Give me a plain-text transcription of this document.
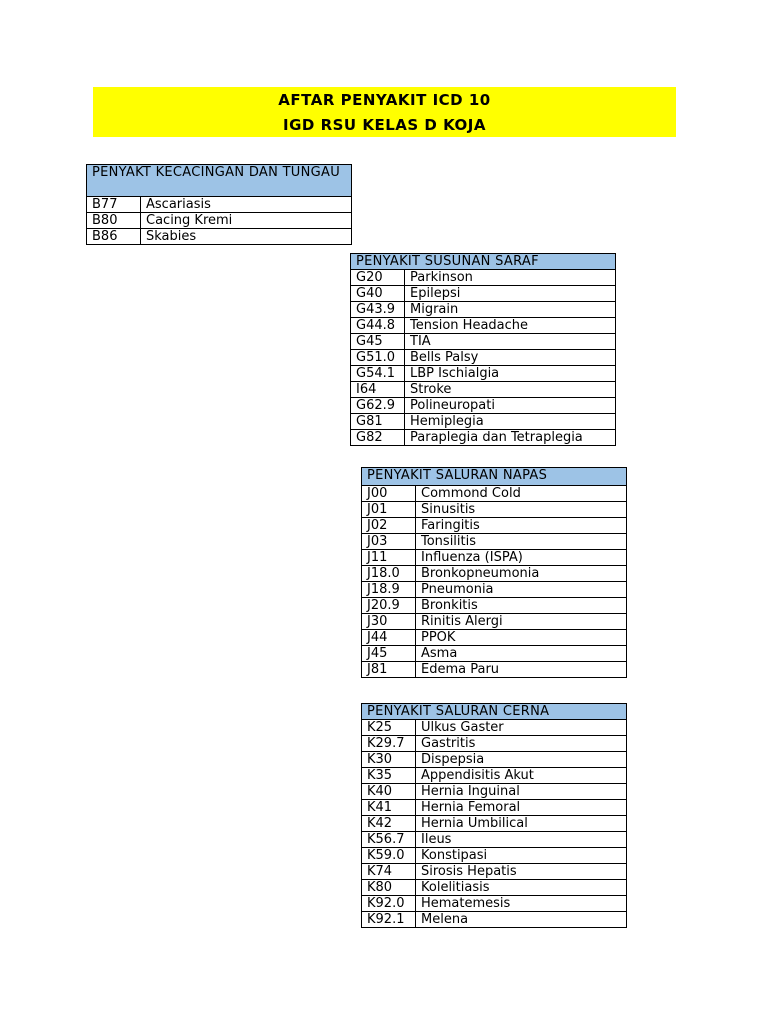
AFTAR PENYAKIT ICD 10
IGD RSU KELAS D KOJA
PENYAKT KECACINGAN DAN TUNGAU	
B77	Ascariasis
B80	Cacing Kremi
B86	Skabies
PENYAKIT SUSUNAN SARAF	
G20	Parkinson
G40	Epilepsi
G43.9	Migrain
G44.8	Tension Headache
G45	TIA
G51.0	Bells Palsy
G54.1	LBP Ischialgia
I64	Stroke
G62.9	Polineuropati
G81	Hemiplegia
G82	Paraplegia dan Tetraplegia
PENYAKIT SALURAN NAPAS	
J00	Commond Cold
J01	Sinusitis
J02	Faringitis
J03	Tonsilitis
J11	Influenza (ISPA)
J18.0	Bronkopneumonia
J18.9	Pneumonia
J20.9	Bronkitis
J30	Rinitis Alergi
J44	PPOK
J45	Asma
J81	Edema Paru
PENYAKIT SALURAN CERNA	
K25	Ulkus Gaster
K29.7	Gastritis
K30	Dispepsia
K35	Appendisitis Akut
K40	Hernia Inguinal
K41	Hernia Femoral
K42	Hernia Umbilical
K56.7	Ileus
K59.0	Konstipasi
K74	Sirosis Hepatis
K80	Kolelitiasis
K92.0	Hematemesis
K92.1	Melena
